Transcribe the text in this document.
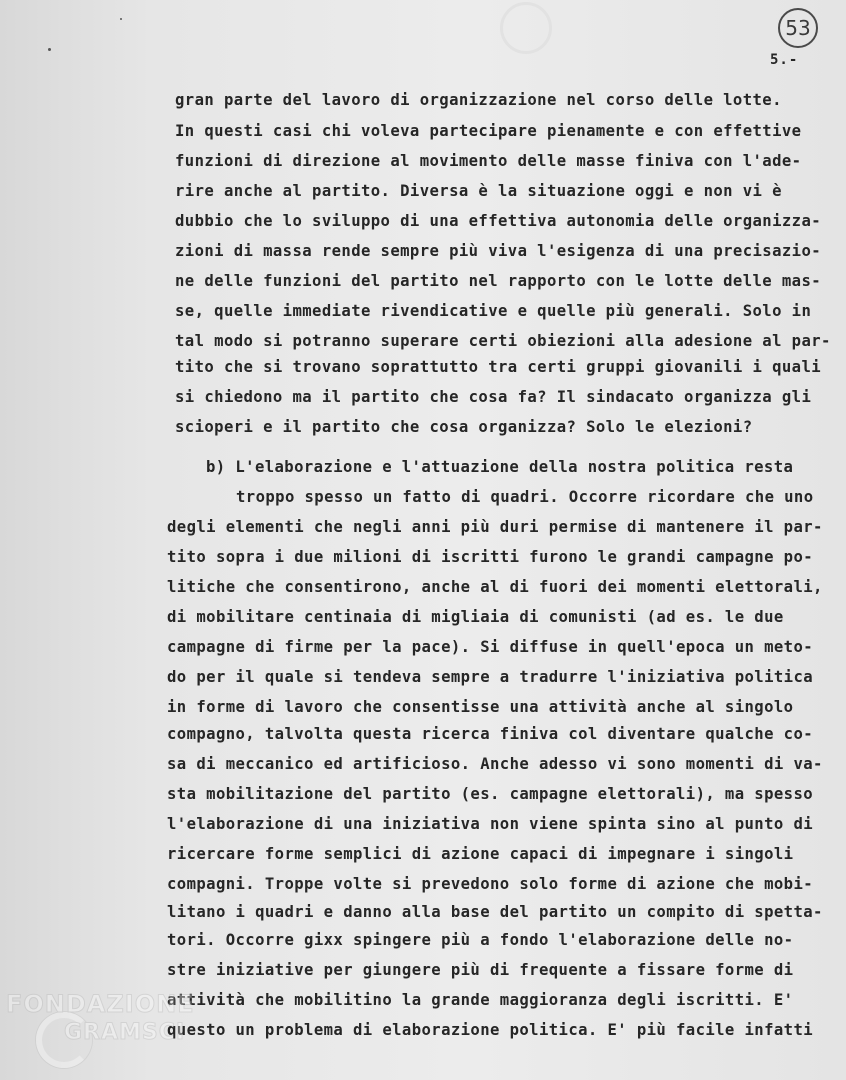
53
5.-
gran parte del lavoro di organizzazione nel corso delle lotte.
In questi casi chi voleva partecipare pienamente e con effettive
funzioni di direzione al movimento delle masse finiva con l'ade-
rire anche al partito. Diversa è la situazione oggi e non vi è
dubbio che lo sviluppo di una effettiva autonomia delle organizza-
zioni di massa rende sempre più viva l'esigenza di una precisazio-
ne delle funzioni del partito nel rapporto con le lotte delle mas-
se, quelle immediate rivendicative e quelle più generali. Solo in
tal modo si potranno superare certi obiezioni alla adesione al par-
tito che si trovano soprattutto tra certi gruppi giovanili i quali
si chiedono ma il partito che cosa fa? Il sindacato organizza gli
scioperi e il partito che cosa organizza? Solo le elezioni?
b) L'elaborazione e l'attuazione della nostra politica resta
troppo spesso un fatto di quadri. Occorre ricordare che uno
degli elementi che negli anni più duri permise di mantenere il par-
tito sopra i due milioni di iscritti furono le grandi campagne po-
litiche che consentirono, anche al di fuori dei momenti elettorali,
di mobilitare centinaia di migliaia di comunisti (ad es. le due
campagne di firme per la pace). Si diffuse in quell'epoca un meto-
do per il quale si tendeva sempre a tradurre l'iniziativa politica
in forme di lavoro che consentisse una attività anche al singolo
compagno, talvolta questa ricerca finiva col diventare qualche co-
sa di meccanico ed artificioso. Anche adesso vi sono momenti di va-
sta mobilitazione del partito (es. campagne elettorali), ma spesso
l'elaborazione di una iniziativa non viene spinta sino al punto di
ricercare forme semplici di azione capaci di impegnare i singoli
compagni. Troppe volte si prevedono solo forme di azione che mobi-
litano i quadri e danno alla base del partito un compito di spetta-
tori. Occorre gixx spingere più a fondo l'elaborazione delle no-
stre iniziative per giungere più di frequente a fissare forme di
attività che mobilitino la grande maggioranza degli iscritti. E'
questo un problema di elaborazione politica. E' più facile infatti
FONDAZIONE
GRAMSCI
